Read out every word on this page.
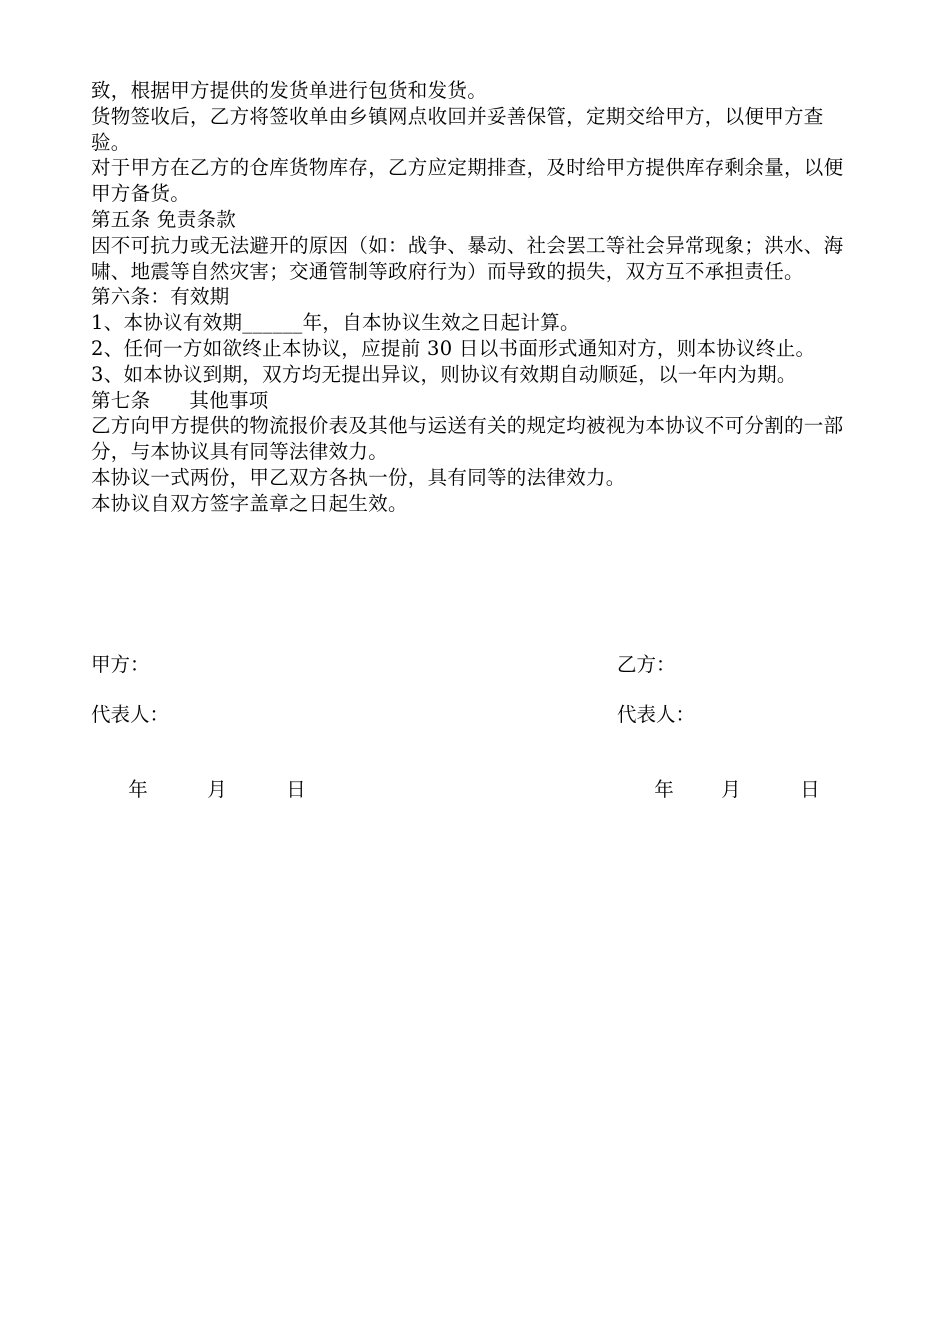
致，根据甲方提供的发货单进行包货和发货。

货物签收后，乙方将签收单由乡镇网点收回并妥善保管，定期交给甲方，以便甲方查验。

对于甲方在乙方的仓库货物库存，乙方应定期排查，及时给甲方提供库存剩余量，以便甲方备货。

第五条 免责条款

因不可抗力或无法避开的原因（如：战争、暴动、社会罢工等社会异常现象；洪水、海啸、地震等自然灾害；交通管制等政府行为）而导致的损失，双方互不承担责任。

第六条：有效期

1、本协议有效期______年，自本协议生效之日起计算。

2、任何一方如欲终止本协议，应提前 30 日以书面形式通知对方，则本协议终止。

3、如本协议到期，双方均无提出异议，则协议有效期自动顺延，以一年内为期。

第七条      其他事项

乙方向甲方提供的物流报价表及其他与运送有关的规定均被视为本协议不可分割的一部分，与本协议具有同等法律效力。

本协议一式两份，甲乙双方各执一份，具有同等的法律效力。

本协议自双方签字盖章之日起生效。

甲方：
代表人：

年	月	日

乙方：
代表人：

年 月	日
